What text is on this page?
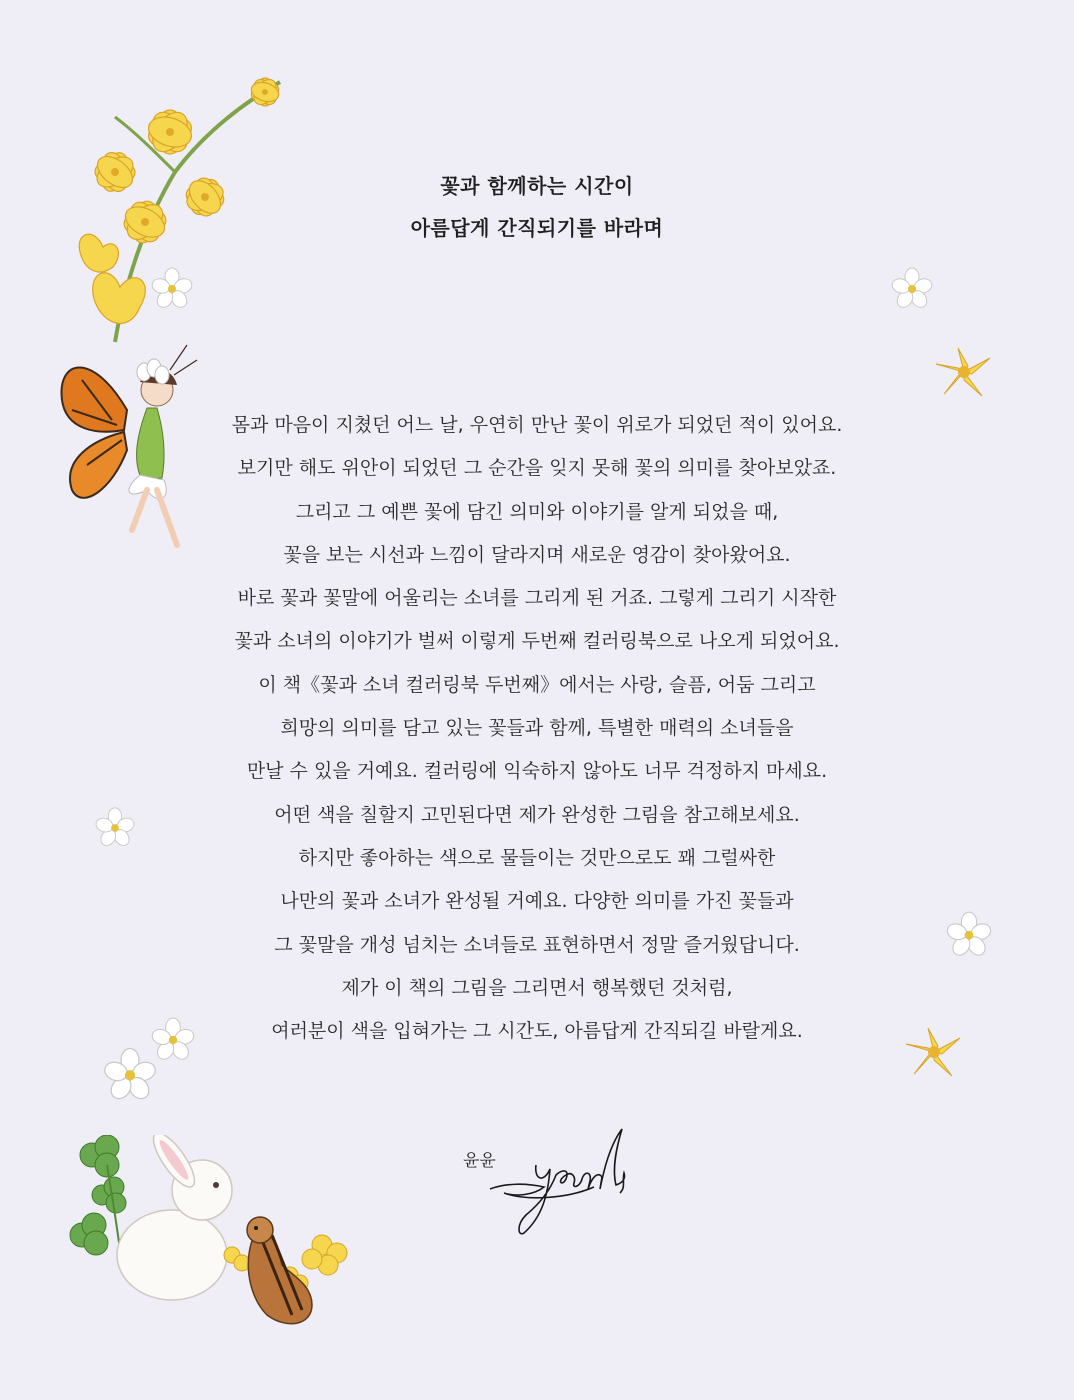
꽃과 함께하는 시간이
아름답게 간직되기를 바라며
몸과 마음이 지쳤던 어느 날, 우연히 만난 꽃이 위로가 되었던 적이 있어요.
보기만 해도 위안이 되었던 그 순간을 잊지 못해 꽃의 의미를 찾아보았죠.
그리고 그 예쁜 꽃에 담긴 의미와 이야기를 알게 되었을 때,
꽃을 보는 시선과 느낌이 달라지며 새로운 영감이 찾아왔어요.
바로 꽃과 꽃말에 어울리는 소녀를 그리게 된 거죠. 그렇게 그리기 시작한
꽃과 소녀의 이야기가 벌써 이렇게 두번째 컬러링북으로 나오게 되었어요.
이 책《꽃과 소녀 컬러링북 두번째》에서는 사랑, 슬픔, 어둠 그리고
희망의 의미를 담고 있는 꽃들과 함께, 특별한 매력의 소녀들을
만날 수 있을 거예요. 컬러링에 익숙하지 않아도 너무 걱정하지 마세요.
어떤 색을 칠할지 고민된다면 제가 완성한 그림을 참고해보세요.
하지만 좋아하는 색으로 물들이는 것만으로도 꽤 그럴싸한
나만의 꽃과 소녀가 완성될 거예요. 다양한 의미를 가진 꽃들과
그 꽃말을 개성 넘치는 소녀들로 표현하면서 정말 즐거웠답니다.
제가 이 책의 그림을 그리면서 행복했던 것처럼,
여러분이 색을 입혀가는 그 시간도, 아름답게 간직되길 바랄게요.
윤윤
